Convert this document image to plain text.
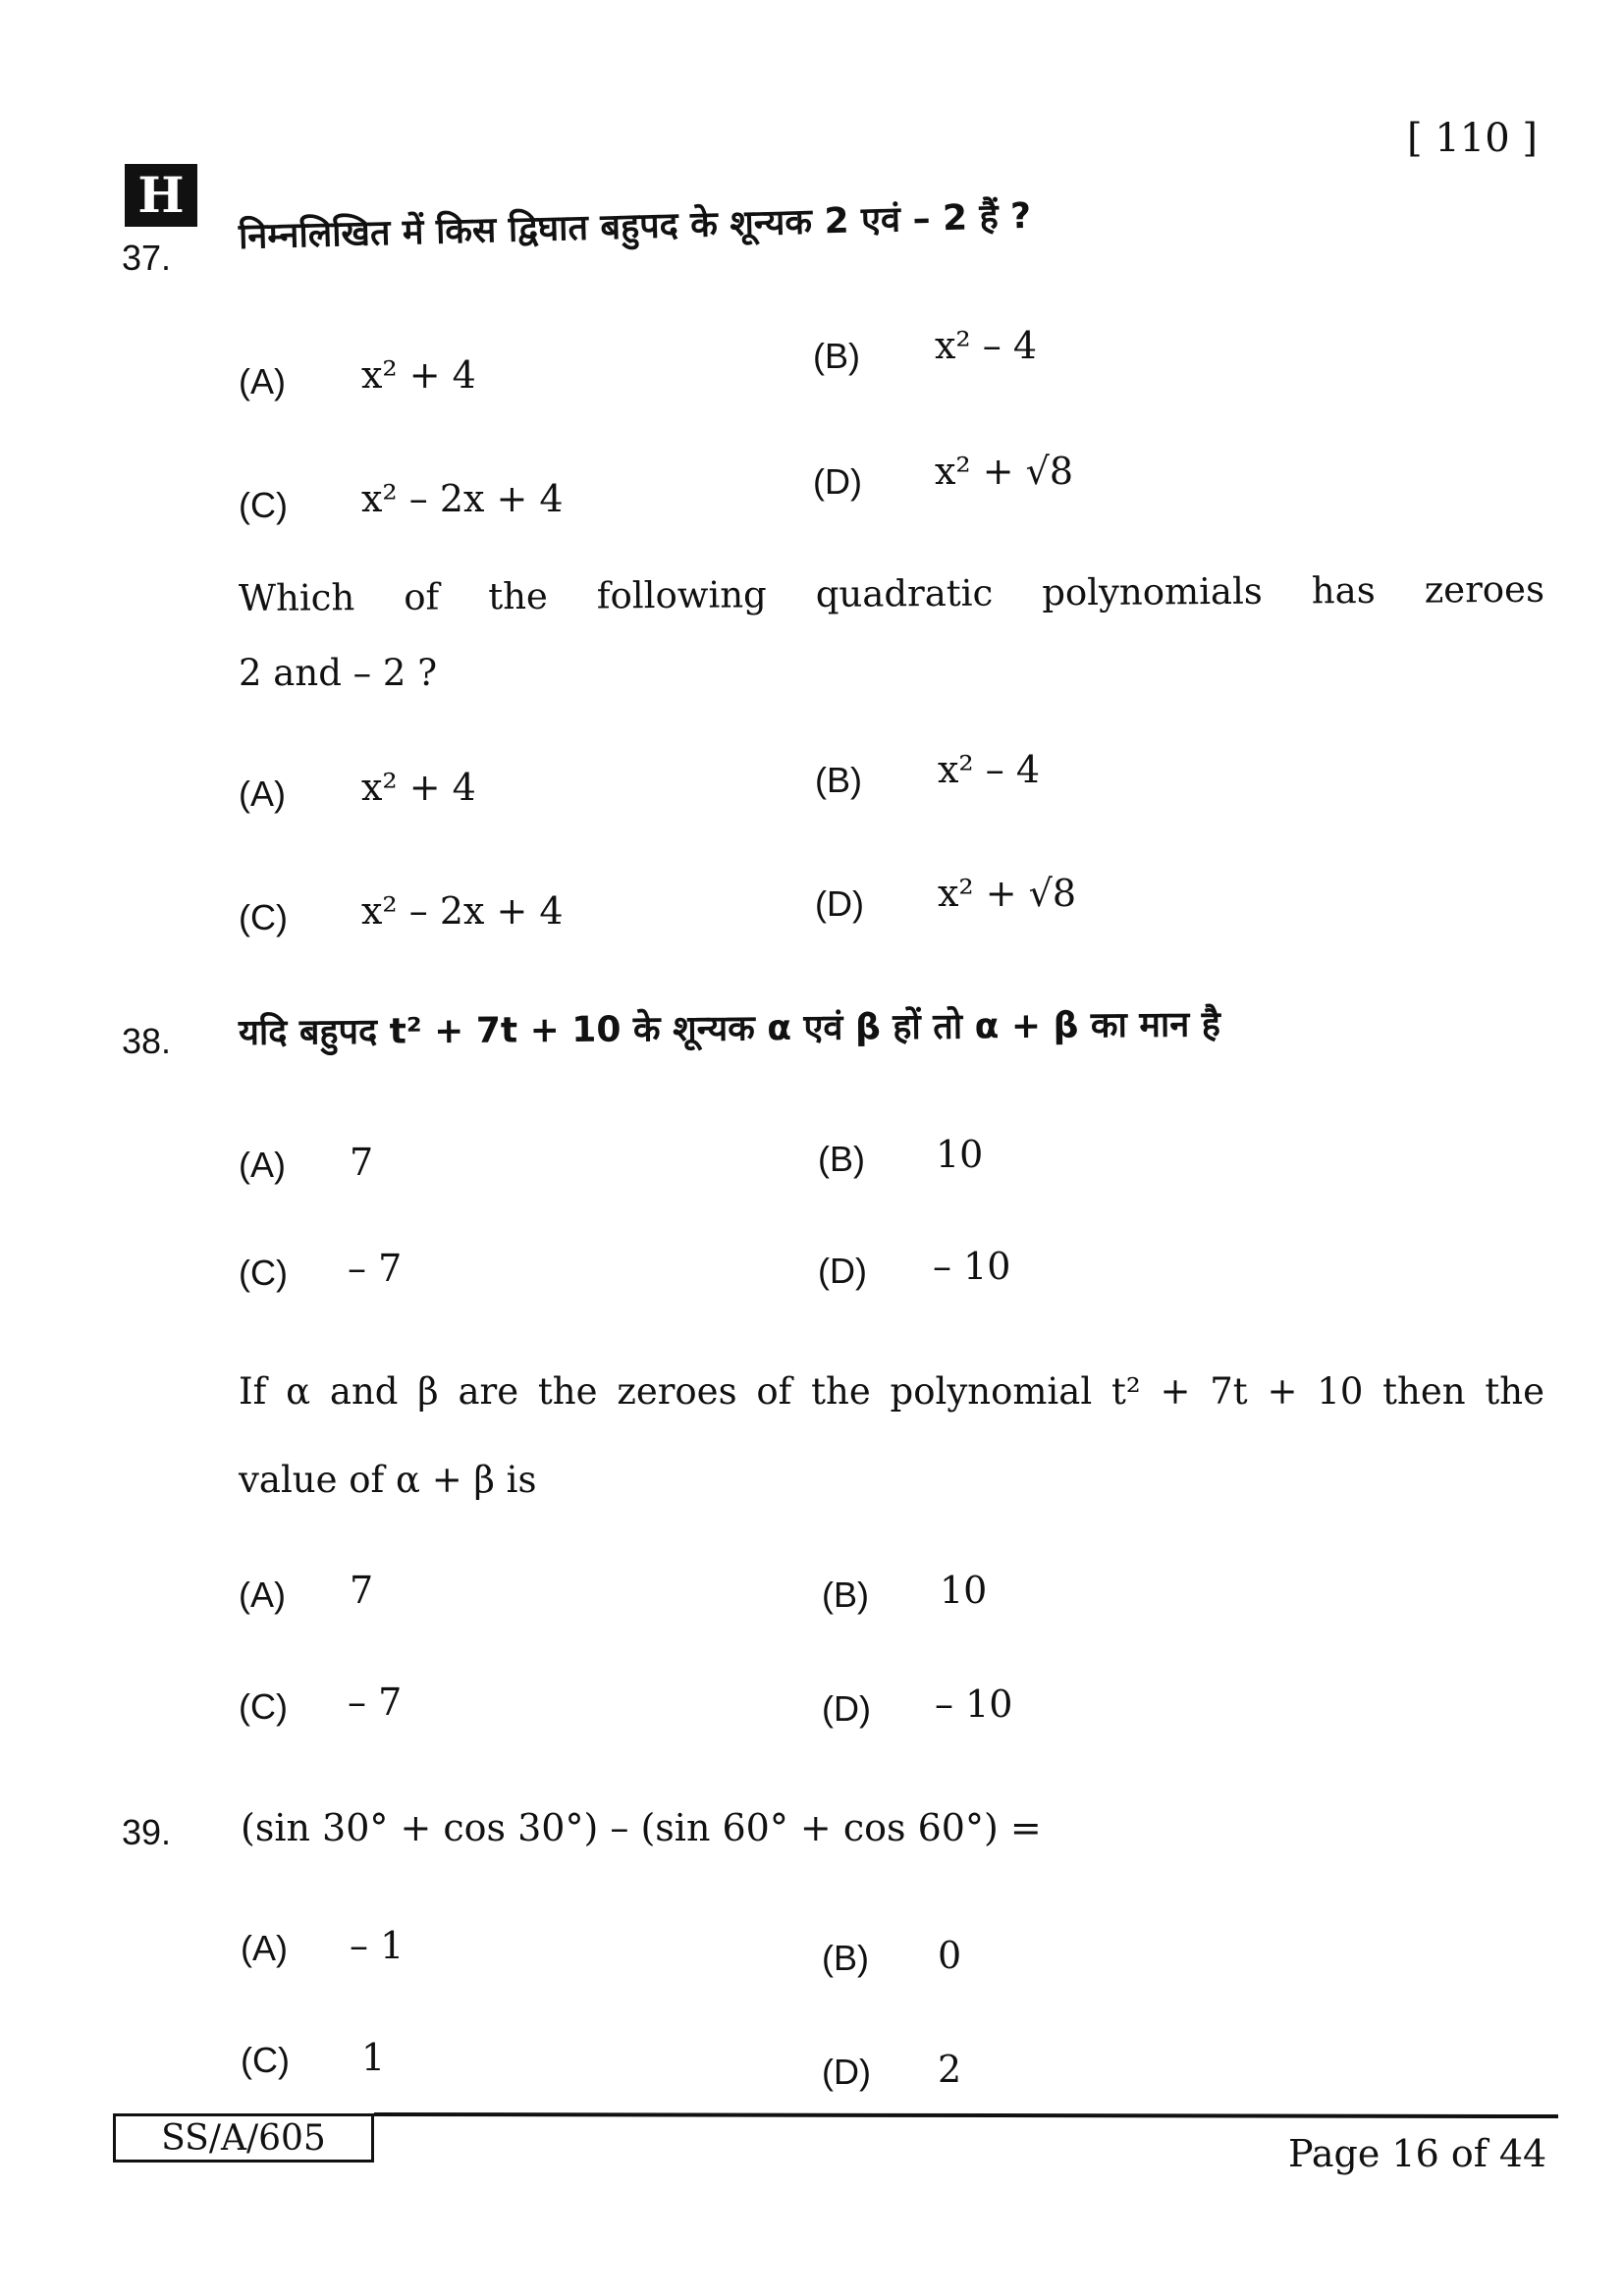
H
[ 110 ]
37.
निम्नलिखित में किस द्विघात बहुपद के शून्यक 2 एवं – 2 हैं ?
(A) x² + 4	(B) x² – 4
(C) x² – 2x + 4	(D) x² + √8
Which of the following quadratic polynomials has zeroes
2 and – 2 ?
(A) x² + 4	(B) x² – 4
(C) x² – 2x + 4	(D) x² + √8
38. यदि बहुपद t² + 7t + 10 के शून्यक α एवं β हों तो α + β का मान है
(A) 7	(B) 10
(C) – 7	(D) – 10
If α and β are the zeroes of the polynomial t² + 7t + 10 then the
value of α + β is
(A) 7	(B) 10
(C) – 7	(D) – 10
39. (sin 30° + cos 30°) – (sin 60° + cos 60°) =
(A) – 1	(B) 0
(C) 1	(D) 2
SS/A/605	Page 16 of 44
